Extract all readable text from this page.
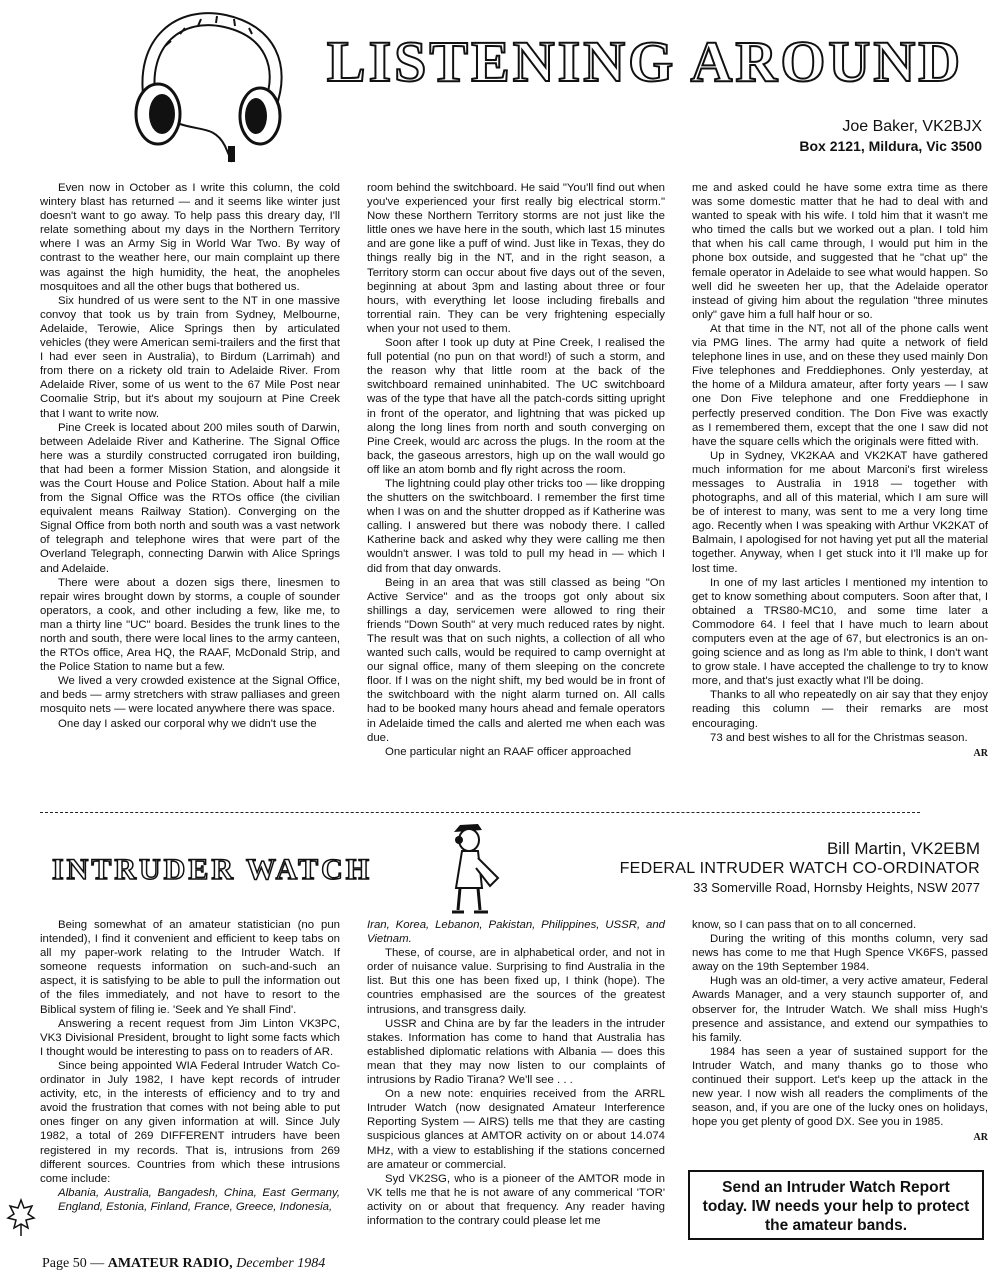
LISTENING AROUND
Joe Baker, VK2BJX
Box 2121, Mildura, Vic 3500

Even now in October as I write this column, the cold wintery blast has returned — and it seems like winter just doesn't want to go away. To help pass this dreary day, I'll relate something about my days in the Northern Territory where I was an Army Sig in World War Two. By way of contrast to the weather here, our main complaint up there was against the high humidity, the heat, the anopheles mosquitoes and all the other bugs that bothered us.

Six hundred of us were sent to the NT in one massive convoy that took us by train from Sydney, Melbourne, Adelaide, Terowie, Alice Springs then by articulated vehicles (they were American semi-trailers and the first that I had ever seen in Australia), to Birdum (Larrimah) and from there on a rickety old train to Adelaide River. From Adelaide River, some of us went to the 67 Mile Post near Coomalie Strip, but it's about my soujourn at Pine Creek that I want to write now.

Pine Creek is located about 200 miles south of Darwin, between Adelaide River and Katherine. The Signal Office here was a sturdily constructed corrugated iron building, that had been a former Mission Station, and alongside it was the Court House and Police Station. About half a mile from the Signal Office was the RTOs office (the civilian equivalent means Railway Station). Converging on the Signal Office from both north and south was a vast network of telegraph and telephone wires that were part of the Overland Telegraph, connecting Darwin with Alice Springs and Adelaide.

There were about a dozen sigs there, linesmen to repair wires brought down by storms, a couple of sounder operators, a cook, and other including a few, like me, to man a thirty line "UC" board. Besides the trunk lines to the north and south, there were local lines to the army canteen, the RTOs office, Area HQ, the RAAF, McDonald Strip, and the Police Station to name but a few.

We lived a very crowded existence at the Signal Office, and beds — army stretchers with straw palliases and green mosquito nets — were located anywhere there was space.

One day I asked our corporal why we didn't use the

room behind the switchboard. He said "You'll find out when you've experienced your first really big electrical storm." Now these Northern Territory storms are not just like the little ones we have here in the south, which last 15 minutes and are gone like a puff of wind. Just like in Texas, they do things really big in the NT, and in the right season, a Territory storm can occur about five days out of the seven, beginning at about 3pm and lasting about three or four hours, with everything let loose including fireballs and torrential rain. They can be very frightening especially when your not used to them.

Soon after I took up duty at Pine Creek, I realised the full potential (no pun on that word!) of such a storm, and the reason why that little room at the back of the switchboard remained uninhabited. The UC switchboard was of the type that have all the patch-cords sitting upright in front of the operator, and lightning that was picked up along the long lines from north and south converging on Pine Creek, would arc across the plugs. In the room at the back, the gaseous arrestors, high up on the wall would go off like an atom bomb and fly right across the room.

The lightning could play other tricks too — like dropping the shutters on the switchboard. I remember the first time when I was on and the shutter dropped as if Katherine was calling. I answered but there was nobody there. I called Katherine back and asked why they were calling me then wouldn't answer. I was told to pull my head in — which I did from that day onwards.

Being in an area that was still classed as being "On Active Service" and as the troops got only about six shillings a day, servicemen were allowed to ring their friends "Down South" at very much reduced rates by night. The result was that on such nights, a collection of all who wanted such calls, would be required to camp overnight at our signal office, many of them sleeping on the concrete floor. If I was on the night shift, my bed would be in front of the switchboard with the night alarm turned on. All calls had to be booked many hours ahead and female operators in Adelaide timed the calls and alerted me when each was due.

One particular night an RAAF officer approached

me and asked could he have some extra time as there was some domestic matter that he had to deal with and wanted to speak with his wife. I told him that it wasn't me who timed the calls but we worked out a plan. I told him that when his call came through, I would put him in the phone box outside, and suggested that he "chat up" the female operator in Adelaide to see what would happen. So well did he sweeten her up, that the Adelaide operator instead of giving him about the regulation "three minutes only" gave him a full half hour or so.

At that time in the NT, not all of the phone calls went via PMG lines. The army had quite a network of field telephone lines in use, and on these they used mainly Don Five telephones and Freddiephones. Only yesterday, at the home of a Mildura amateur, after forty years — I saw one Don Five telephone and one Freddiephone in perfectly preserved condition. The Don Five was exactly as I remembered them, except that the one I saw did not have the square cells which the originals were fitted with.

Up in Sydney, VK2KAA and VK2KAT have gathered much information for me about Marconi's first wireless messages to Australia in 1918 — together with photographs, and all of this material, which I am sure will be of interest to many, was sent to me a very long time ago. Recently when I was speaking with Arthur VK2KAT of Balmain, I apologised for not having yet put all the material together. Anyway, when I get stuck into it I'll make up for lost time.

In one of my last articles I mentioned my intention to get to know something about computers. Soon after that, I obtained a TRS80-MC10, and some time later a Commodore 64. I feel that I have much to learn about computers even at the age of 67, but electronics is an on-going science and as long as I'm able to think, I don't want to grow stale. I have accepted the challenge to try to know more, and that's just exactly what I'll be doing.

Thanks to all who repeatedly on air say that they enjoy reading this column — their remarks are most encouraging.

73 and best wishes to all for the Christmas season.

AR
INTRUDER WATCH
Bill Martin, VK2EBM
FEDERAL INTRUDER WATCH CO-ORDINATOR
33 Somerville Road, Hornsby Heights, NSW 2077

Being somewhat of an amateur statistician (no pun intended), I find it convenient and efficient to keep tabs on all my paper-work relating to the Intruder Watch. If someone requests information on such-and-such an aspect, it is satisfying to be able to pull the information out of the files immediately, and not have to resort to the Biblical system of filing ie. 'Seek and Ye shall Find'.

Answering a recent request from Jim Linton VK3PC, VK3 Divisional President, brought to light some facts which I thought would be interesting to pass on to readers of AR.

Since being appointed WIA Federal Intruder Watch Co-ordinator in July 1982, I have kept records of intruder activity, etc, in the interests of efficiency and to try and avoid the frustration that comes with not being able to put ones finger on any given information at will. Since July 1982, a total of 269 DIFFERENT intruders have been registered in my records. That is, intrusions from 269 different sources. Countries from which these intrusions come include:

Albania, Australia, Bangadesh, China, East Germany, England, Estonia, Finland, France, Greece, Indonesia,

Iran, Korea, Lebanon, Pakistan, Philippines, USSR, and Vietnam.

These, of course, are in alphabetical order, and not in order of nuisance value. Surprising to find Australia in the list. But this one has been fixed up, I think (hope). The countries emphasised are the sources of the greatest intrusions, and transgress daily.

USSR and China are by far the leaders in the intruder stakes. Information has come to hand that Australia has established diplomatic relations with Albania — does this mean that they may now listen to our complaints of intrusions by Radio Tirana? We'll see . . .

On a new note: enquiries received from the ARRL Intruder Watch (now designated Amateur Interference Reporting System — AIRS) tells me that they are casting suspicious glances at AMTOR activity on or about 14.074 MHz, with a view to establishing if the stations concerned are amateur or commercial.

Syd VK2SG, who is a pioneer of the AMTOR mode in VK tells me that he is not aware of any commerical 'TOR' activity on or about that frequency. Any reader having information to the contrary could please let me

know, so I can pass that on to all concerned.

During the writing of this months column, very sad news has come to me that Hugh Spence VK6FS, passed away on the 19th September 1984.

Hugh was an old-timer, a very active amateur, Federal Awards Manager, and a very staunch supporter of, and observer for, the Intruder Watch. We shall miss Hugh's presence and assistance, and extend our sympathies to his family.

1984 has seen a year of sustained support for the Intruder Watch, and many thanks go to those who continued their support. Let's keep up the attack in the new year. I now wish all readers the compliments of the season, and, if you are one of the lucky ones on holidays, hope you get plenty of good DX. See you in 1985.

AR
Send an Intruder Watch Report today. IW needs your help to protect the amateur bands.
Page 50 — AMATEUR RADIO, December 1984
